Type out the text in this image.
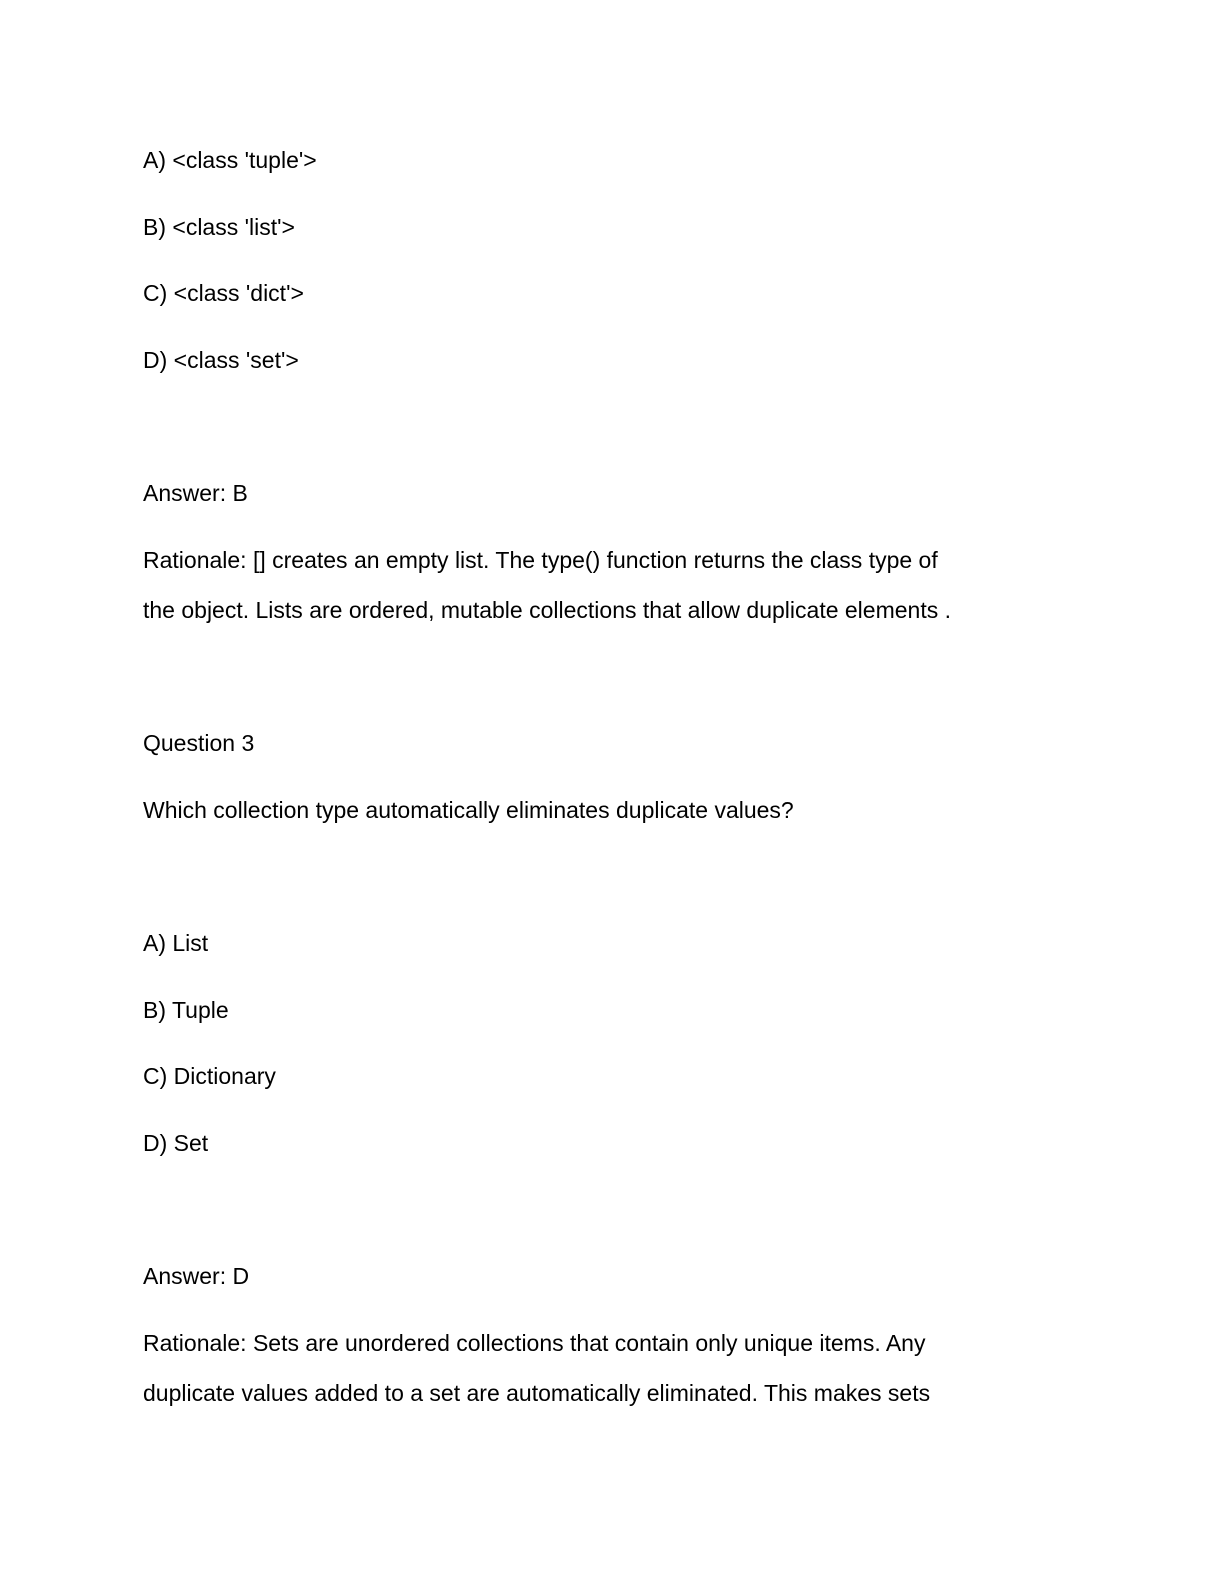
A) <class 'tuple'>
B) <class 'list'>
C) <class 'dict'>
D) <class 'set'>
Answer: B
Rationale: [] creates an empty list. The type() function returns the class type of
the object. Lists are ordered, mutable collections that allow duplicate elements .
Question 3
Which collection type automatically eliminates duplicate values?
A) List
B) Tuple
C) Dictionary
D) Set
Answer: D
Rationale: Sets are unordered collections that contain only unique items. Any
duplicate values added to a set are automatically eliminated. This makes sets
